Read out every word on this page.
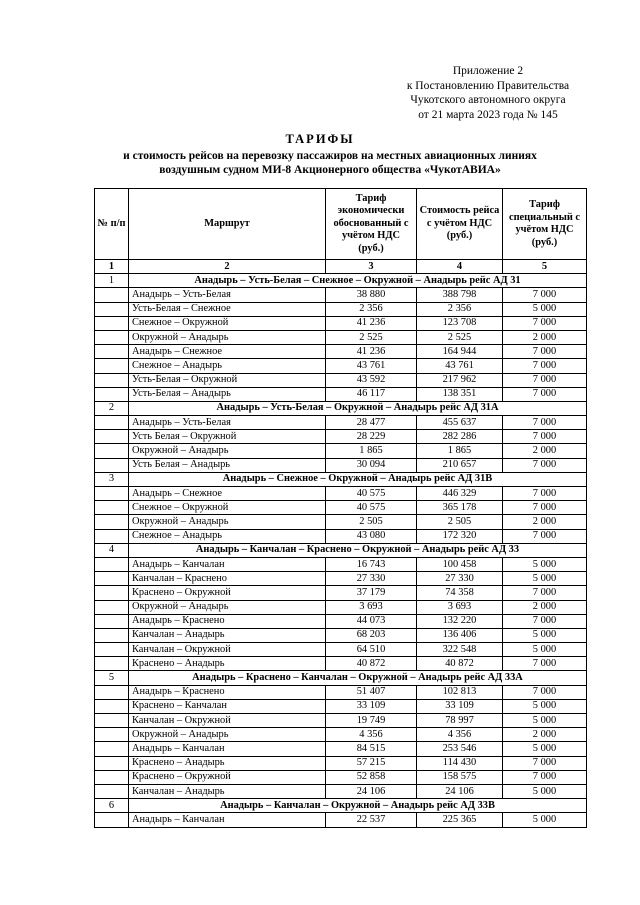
Приложение 2
к Постановлению Правительства
Чукотского автономного округа
от 21 марта 2023 года № 145
ТАРИФЫ
и стоимость рейсов на перевозку пассажиров на местных авиационных линиях
воздушным судном МИ-8 Акционерного общества «ЧукотАВИА»
№ п/п	Маршрут	Тариф экономически обоснованный с учётом НДС (руб.)	Стоимость рейса с учётом НДС (руб.)	Тариф специальный с учётом НДС (руб.)
1	2	3	4	5
1	Анадырь – Усть-Белая – Снежное – Окружной – Анадырь рейс АД 31			
	Анадырь – Усть-Белая	38 880	388 798	7 000
	Усть-Белая – Снежное	2 356	2 356	5 000
	Снежное – Окружной	41 236	123 708	7 000
	Окружной – Анадырь	2 525	2 525	2 000
	Анадырь – Снежное	41 236	164 944	7 000
	Снежное – Анадырь	43 761	43 761	7 000
	Усть-Белая – Окружной	43 592	217 962	7 000
	Усть-Белая – Анадырь	46 117	138 351	7 000
2	Анадырь – Усть-Белая – Окружной – Анадырь рейс АД 31А			
	Анадырь – Усть-Белая	28 477	455 637	7 000
	Усть Белая – Окружной	28 229	282 286	7 000
	Окружной – Анадырь	1 865	1 865	2 000
	Усть Белая – Анадырь	30 094	210 657	7 000
3	Анадырь – Снежное – Окружной – Анадырь рейс АД 31В			
	Анадырь – Снежное	40 575	446 329	7 000
	Снежное – Окружной	40 575	365 178	7 000
	Окружной – Анадырь	2 505	2 505	2 000
	Снежное – Анадырь	43 080	172 320	7 000
4	Анадырь – Канчалан – Краснено – Окружной – Анадырь рейс АД 33			
	Анадырь – Канчалан	16 743	100 458	5 000
	Канчалан – Краснено	27 330	27 330	5 000
	Краснено – Окружной	37 179	74 358	7 000
	Окружной – Анадырь	3 693	3 693	2 000
	Анадырь – Краснено	44 073	132 220	7 000
	Канчалан – Анадырь	68 203	136 406	5 000
	Канчалан – Окружной	64 510	322 548	5 000
	Краснено – Анадырь	40 872	40 872	7 000
5	Анадырь – Краснено – Канчалан – Окружной – Анадырь рейс АД 33А			
	Анадырь – Краснено	51 407	102 813	7 000
	Краснено – Канчалан	33 109	33 109	5 000
	Канчалан – Окружной	19 749	78 997	5 000
	Окружной – Анадырь	4 356	4 356	2 000
	Анадырь – Канчалан	84 515	253 546	5 000
	Краснено – Анадырь	57 215	114 430	7 000
	Краснено – Окружной	52 858	158 575	7 000
	Канчалан – Анадырь	24 106	24 106	5 000
6	Анадырь – Канчалан – Окружной – Анадырь рейс АД 33В			
	Анадырь – Канчалан	22 537	225 365	5 000
